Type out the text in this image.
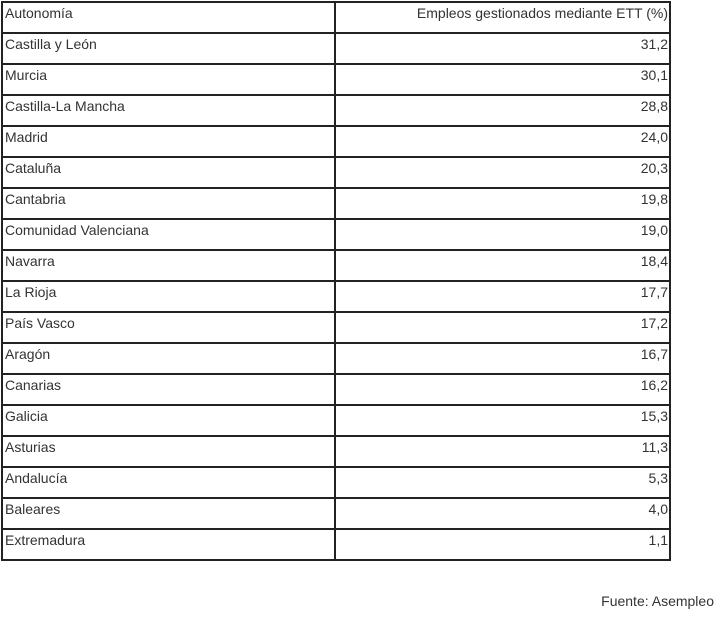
Autonomía	Empleos gestionados mediante ETT (%)
Castilla y León	31,2
Murcia	30,1
Castilla-La Mancha	28,8
Madrid	24,0
Cataluña	20,3
Cantabria	19,8
Comunidad Valenciana	19,0
Navarra	18,4
La Rioja	17,7
País Vasco	17,2
Aragón	16,7
Canarias	16,2
Galicia	15,3
Asturias	11,3
Andalucía	5,3
Baleares	4,0
Extremadura	1,1
Fuente: Asempleo
